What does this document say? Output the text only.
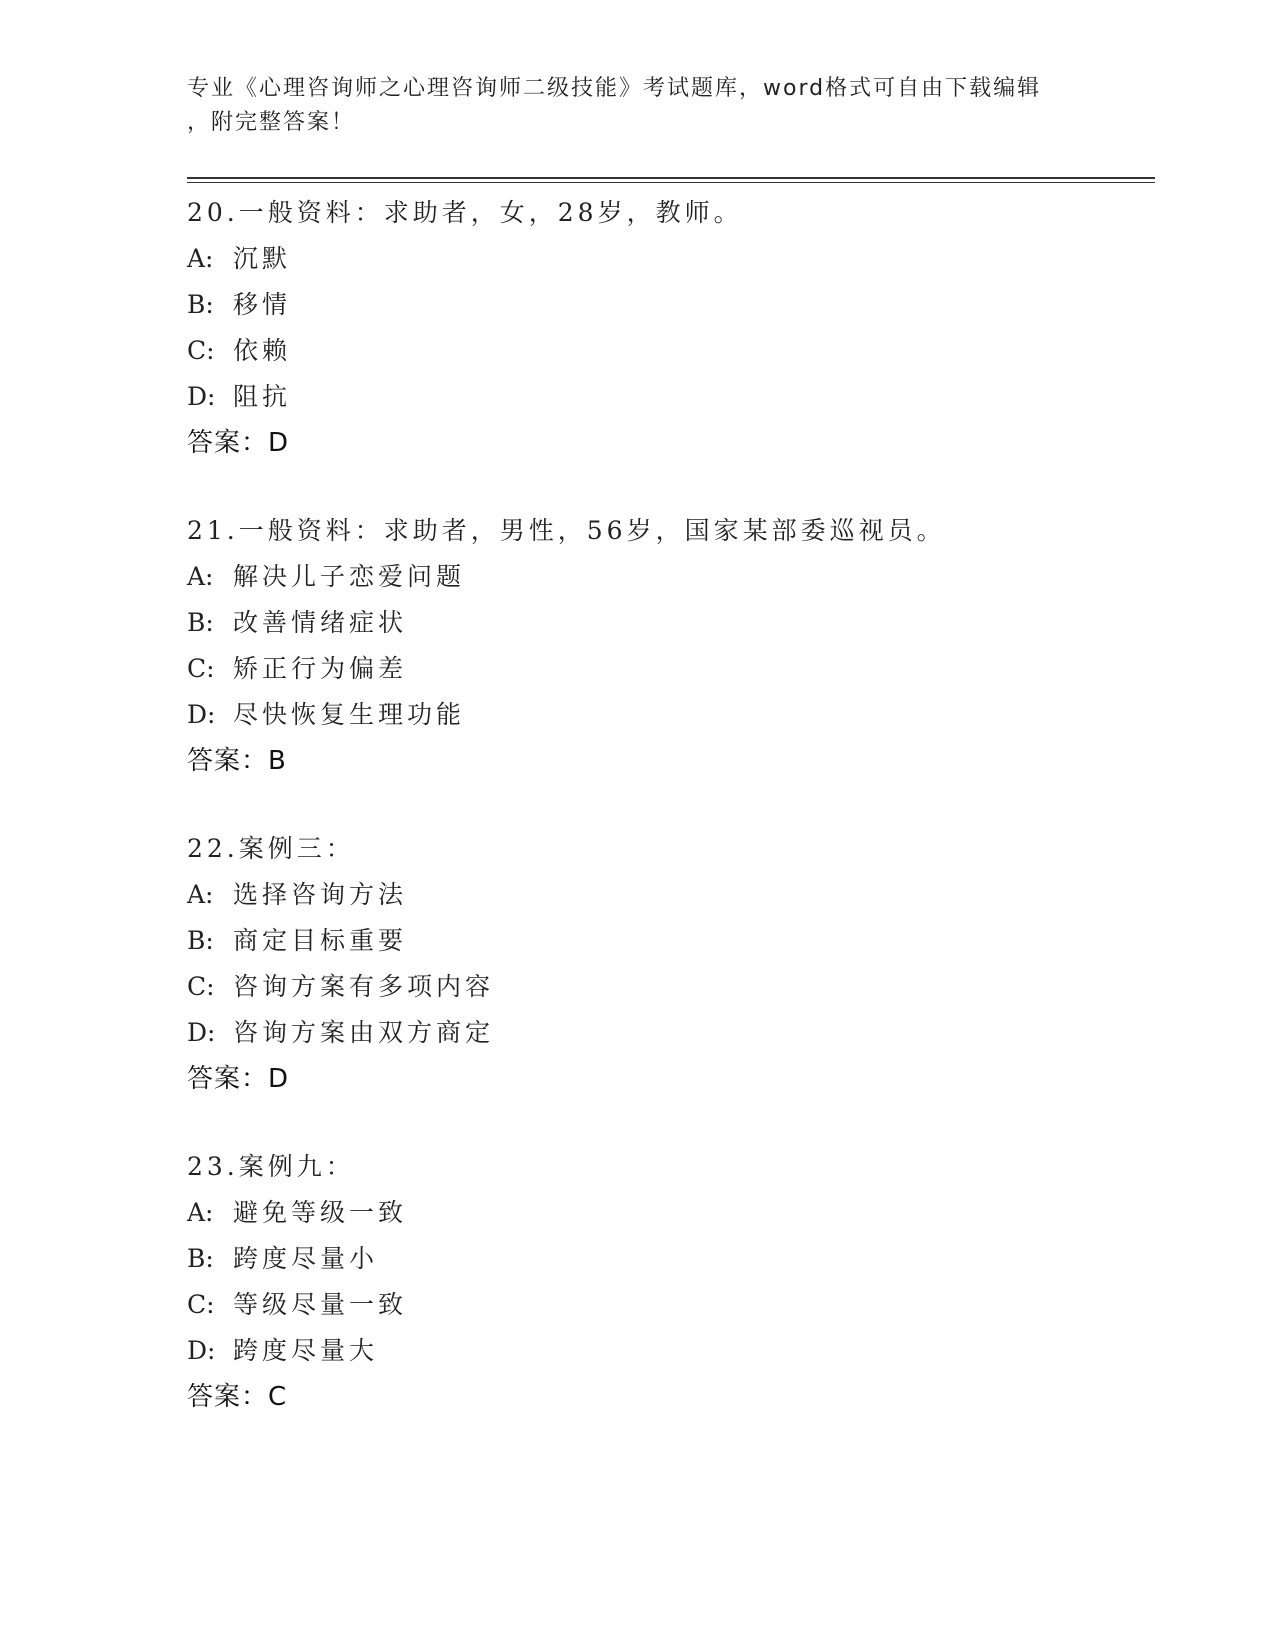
专业《心理咨询师之心理咨询师二级技能》考试题库，word格式可自由下载编辑
，附完整答案！
20.一般资料：求助者，女，28岁，教师。
A: 沉默
B: 移情
C: 依赖
D: 阻抗
答案：D
21.一般资料：求助者，男性，56岁，国家某部委巡视员。
A: 解决儿子恋爱问题
B: 改善情绪症状
C: 矫正行为偏差
D: 尽快恢复生理功能
答案：B
22.案例三：
A: 选择咨询方法
B: 商定目标重要
C: 咨询方案有多项内容
D: 咨询方案由双方商定
答案：D
23.案例九：
A: 避免等级一致
B: 跨度尽量小
C: 等级尽量一致
D: 跨度尽量大
答案：C
